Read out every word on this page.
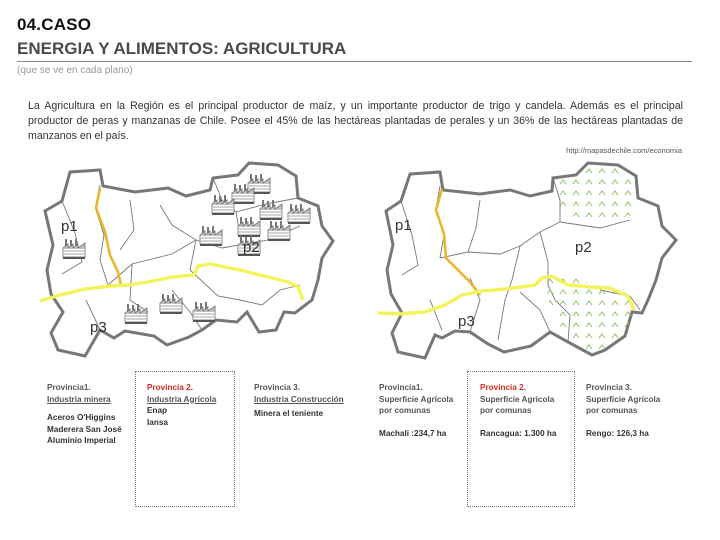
04.CASO
ENERGIA Y ALIMENTOS: AGRICULTURA
(que se ve en cada plano)
La Agricultura en la Región es el principal productor de maíz, y un importante productor de trigo y candela. Además es el principal productor de peras y manzanas de Chile. Posee el 45% de las hectáreas plantadas de perales y un 36% de las hectáreas plantadas de manzanos en el país.
http://mapasdechile.com/economia
p1
p2
p3
p1
p2
p3
Provincia1.
Industria minera
Aceros O'Higgins
Maderera San José
Aluminio Imperial
Provincia 2.
Industria Agrícola
Enap
Iansa
Provincia 3.
Industria Construcción
Minera el teniente
Provincia1.
Superficie Agrícola
por comunas
Machali :234,7 ha
Provincia 2.
Superficie Agrícola
por comunas
Rancagua: 1.300 ha
Provincia 3.
Superficie Agrícola
por comunas
Rengo: 126,3 ha
